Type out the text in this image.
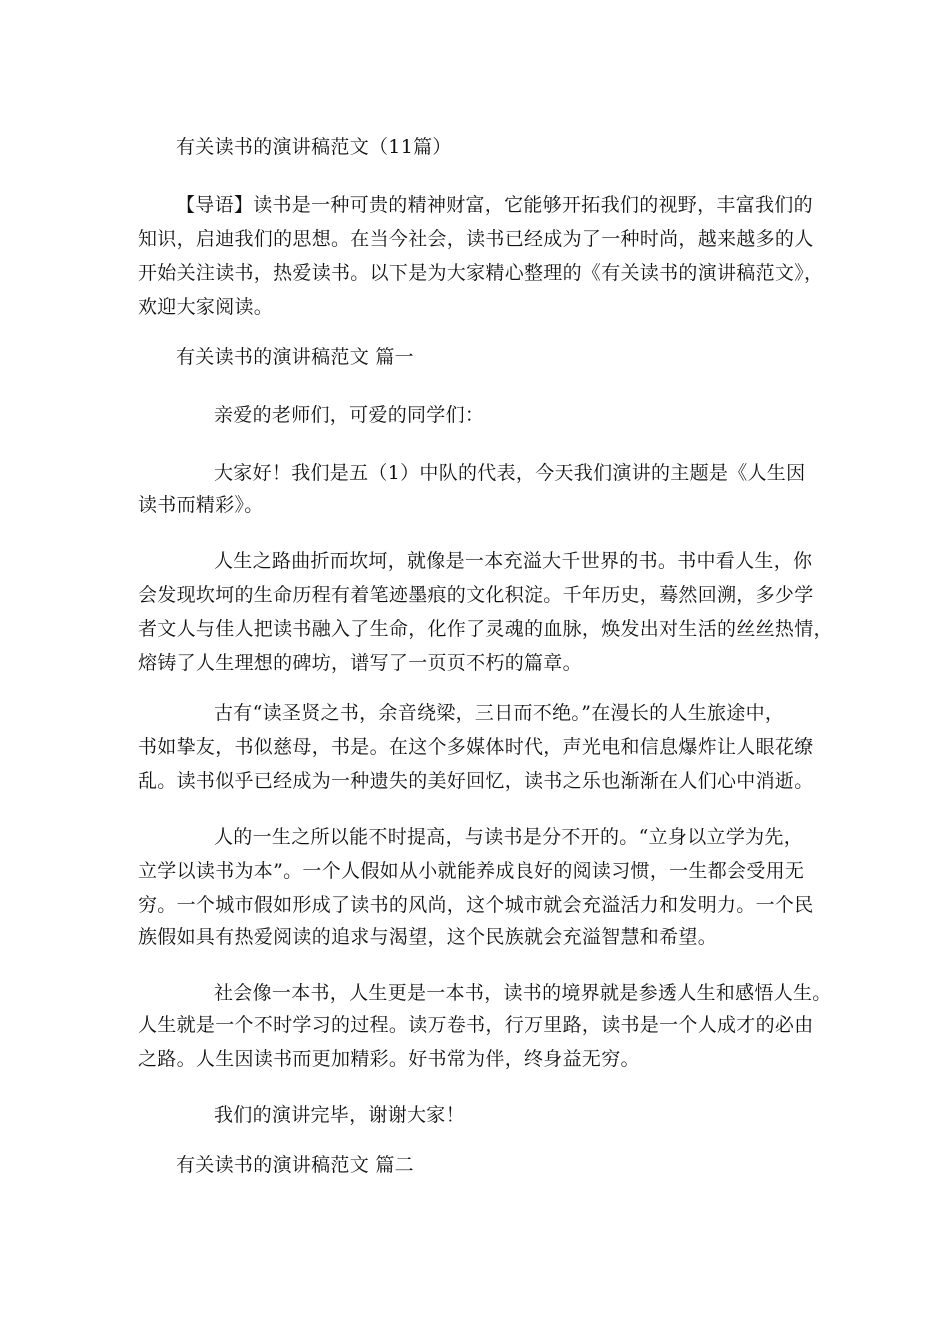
有关读书的演讲稿范文（11篇）
【导语】读书是一种可贵的精神财富，它能够开拓我们的视野，丰富我们的
知识，启迪我们的思想。在当今社会，读书已经成为了一种时尚，越来越多的人
开始关注读书，热爱读书。以下是为大家精心整理的《有关读书的演讲稿范文》，
欢迎大家阅读。
有关读书的演讲稿范文 篇一
亲爱的老师们，可爱的同学们：
大家好！我们是五（1）中队的代表，今天我们演讲的主题是《人生因
读书而精彩》。
人生之路曲折而坎坷，就像是一本充溢大千世界的书。书中看人生，你
会发现坎坷的生命历程有着笔迹墨痕的文化积淀。千年历史，蓦然回溯，多少学
者文人与佳人把读书融入了生命，化作了灵魂的血脉，焕发出对生活的丝丝热情，
熔铸了人生理想的碑坊，谱写了一页页不朽的篇章。
古有“读圣贤之书，余音绕梁，三日而不绝。”在漫长的人生旅途中，
书如挚友，书似慈母，书是。在这个多媒体时代，声光电和信息爆炸让人眼花缭
乱。读书似乎已经成为一种遗失的美好回忆，读书之乐也渐渐在人们心中消逝。
人的一生之所以能不时提高，与读书是分不开的。“立身以立学为先，
立学以读书为本”。一个人假如从小就能养成良好的阅读习惯，一生都会受用无
穷。一个城市假如形成了读书的风尚，这个城市就会充溢活力和发明力。一个民
族假如具有热爱阅读的追求与渴望，这个民族就会充溢智慧和希望。
社会像一本书，人生更是一本书，读书的境界就是参透人生和感悟人生。
人生就是一个不时学习的过程。读万卷书，行万里路，读书是一个人成才的必由
之路。人生因读书而更加精彩。好书常为伴，终身益无穷。
我们的演讲完毕，谢谢大家！
有关读书的演讲稿范文 篇二
